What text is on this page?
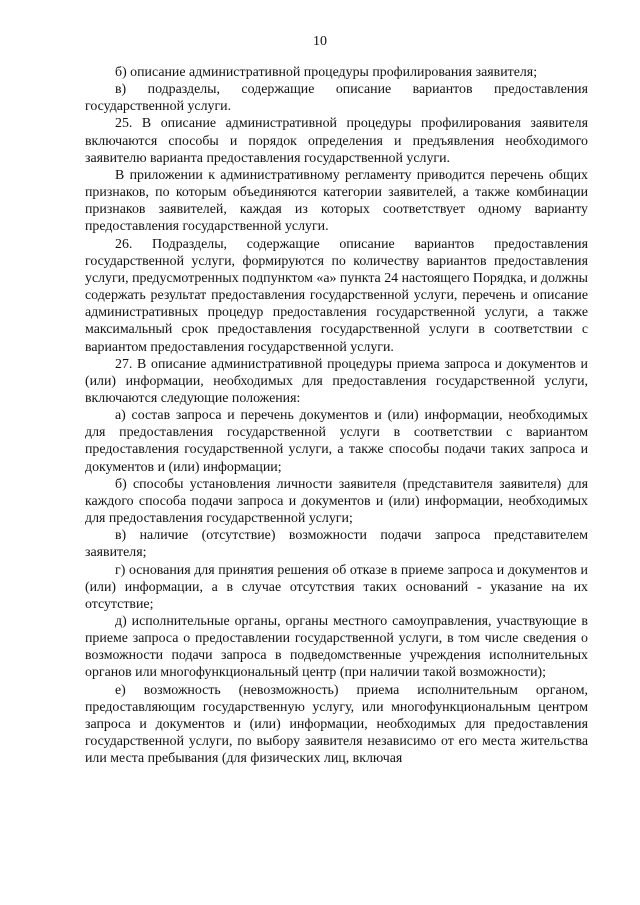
10

б) описание административной процедуры профилирования заявителя;

в) подразделы, содержащие описание вариантов предоставления государственной услуги.

25. В описание административной процедуры профилирования заявителя включаются способы и порядок определения и предъявления необходимого заявителю варианта предоставления государственной услуги.

В приложении к административному регламенту приводится перечень общих признаков, по которым объединяются категории заявителей, а также комбинации признаков заявителей, каждая из которых соответствует одному варианту предоставления государственной услуги.

26. Подразделы, содержащие описание вариантов предоставления государственной услуги, формируются по количеству вариантов предоставления услуги, предусмотренных подпунктом «а» пункта 24 настоящего Порядка, и должны содержать результат предоставления государственной услуги, перечень и описание административных процедур предоставления государственной услуги, а также максимальный срок предоставления государственной услуги в соответствии с вариантом предоставления государственной услуги.

27. В описание административной процедуры приема запроса и документов и (или) информации, необходимых для предоставления государственной услуги, включаются следующие положения:

а) состав запроса и перечень документов и (или) информации, необходимых для предоставления государственной услуги в соответствии с вариантом предоставления государственной услуги, а также способы подачи таких запроса и документов и (или) информации;

б) способы установления личности заявителя (представителя заявителя) для каждого способа подачи запроса и документов и (или) информации, необходимых для предоставления государственной услуги;

в) наличие (отсутствие) возможности подачи запроса представителем заявителя;

г) основания для принятия решения об отказе в приеме запроса и документов и (или) информации, а в случае отсутствия таких оснований - указание на их отсутствие;

д) исполнительные органы, органы местного самоуправления, участвующие в приеме запроса о предоставлении государственной услуги, в том числе сведения о возможности подачи запроса в подведомственные учреждения исполнительных органов или многофункциональный центр (при наличии такой возможности);

е) возможность (невозможность) приема исполнительным органом, предоставляющим государственную услугу, или многофункциональным центром запроса и документов и (или) информации, необходимых для предоставления государственной услуги, по выбору заявителя независимо от его места жительства или места пребывания (для физических лиц, включая
